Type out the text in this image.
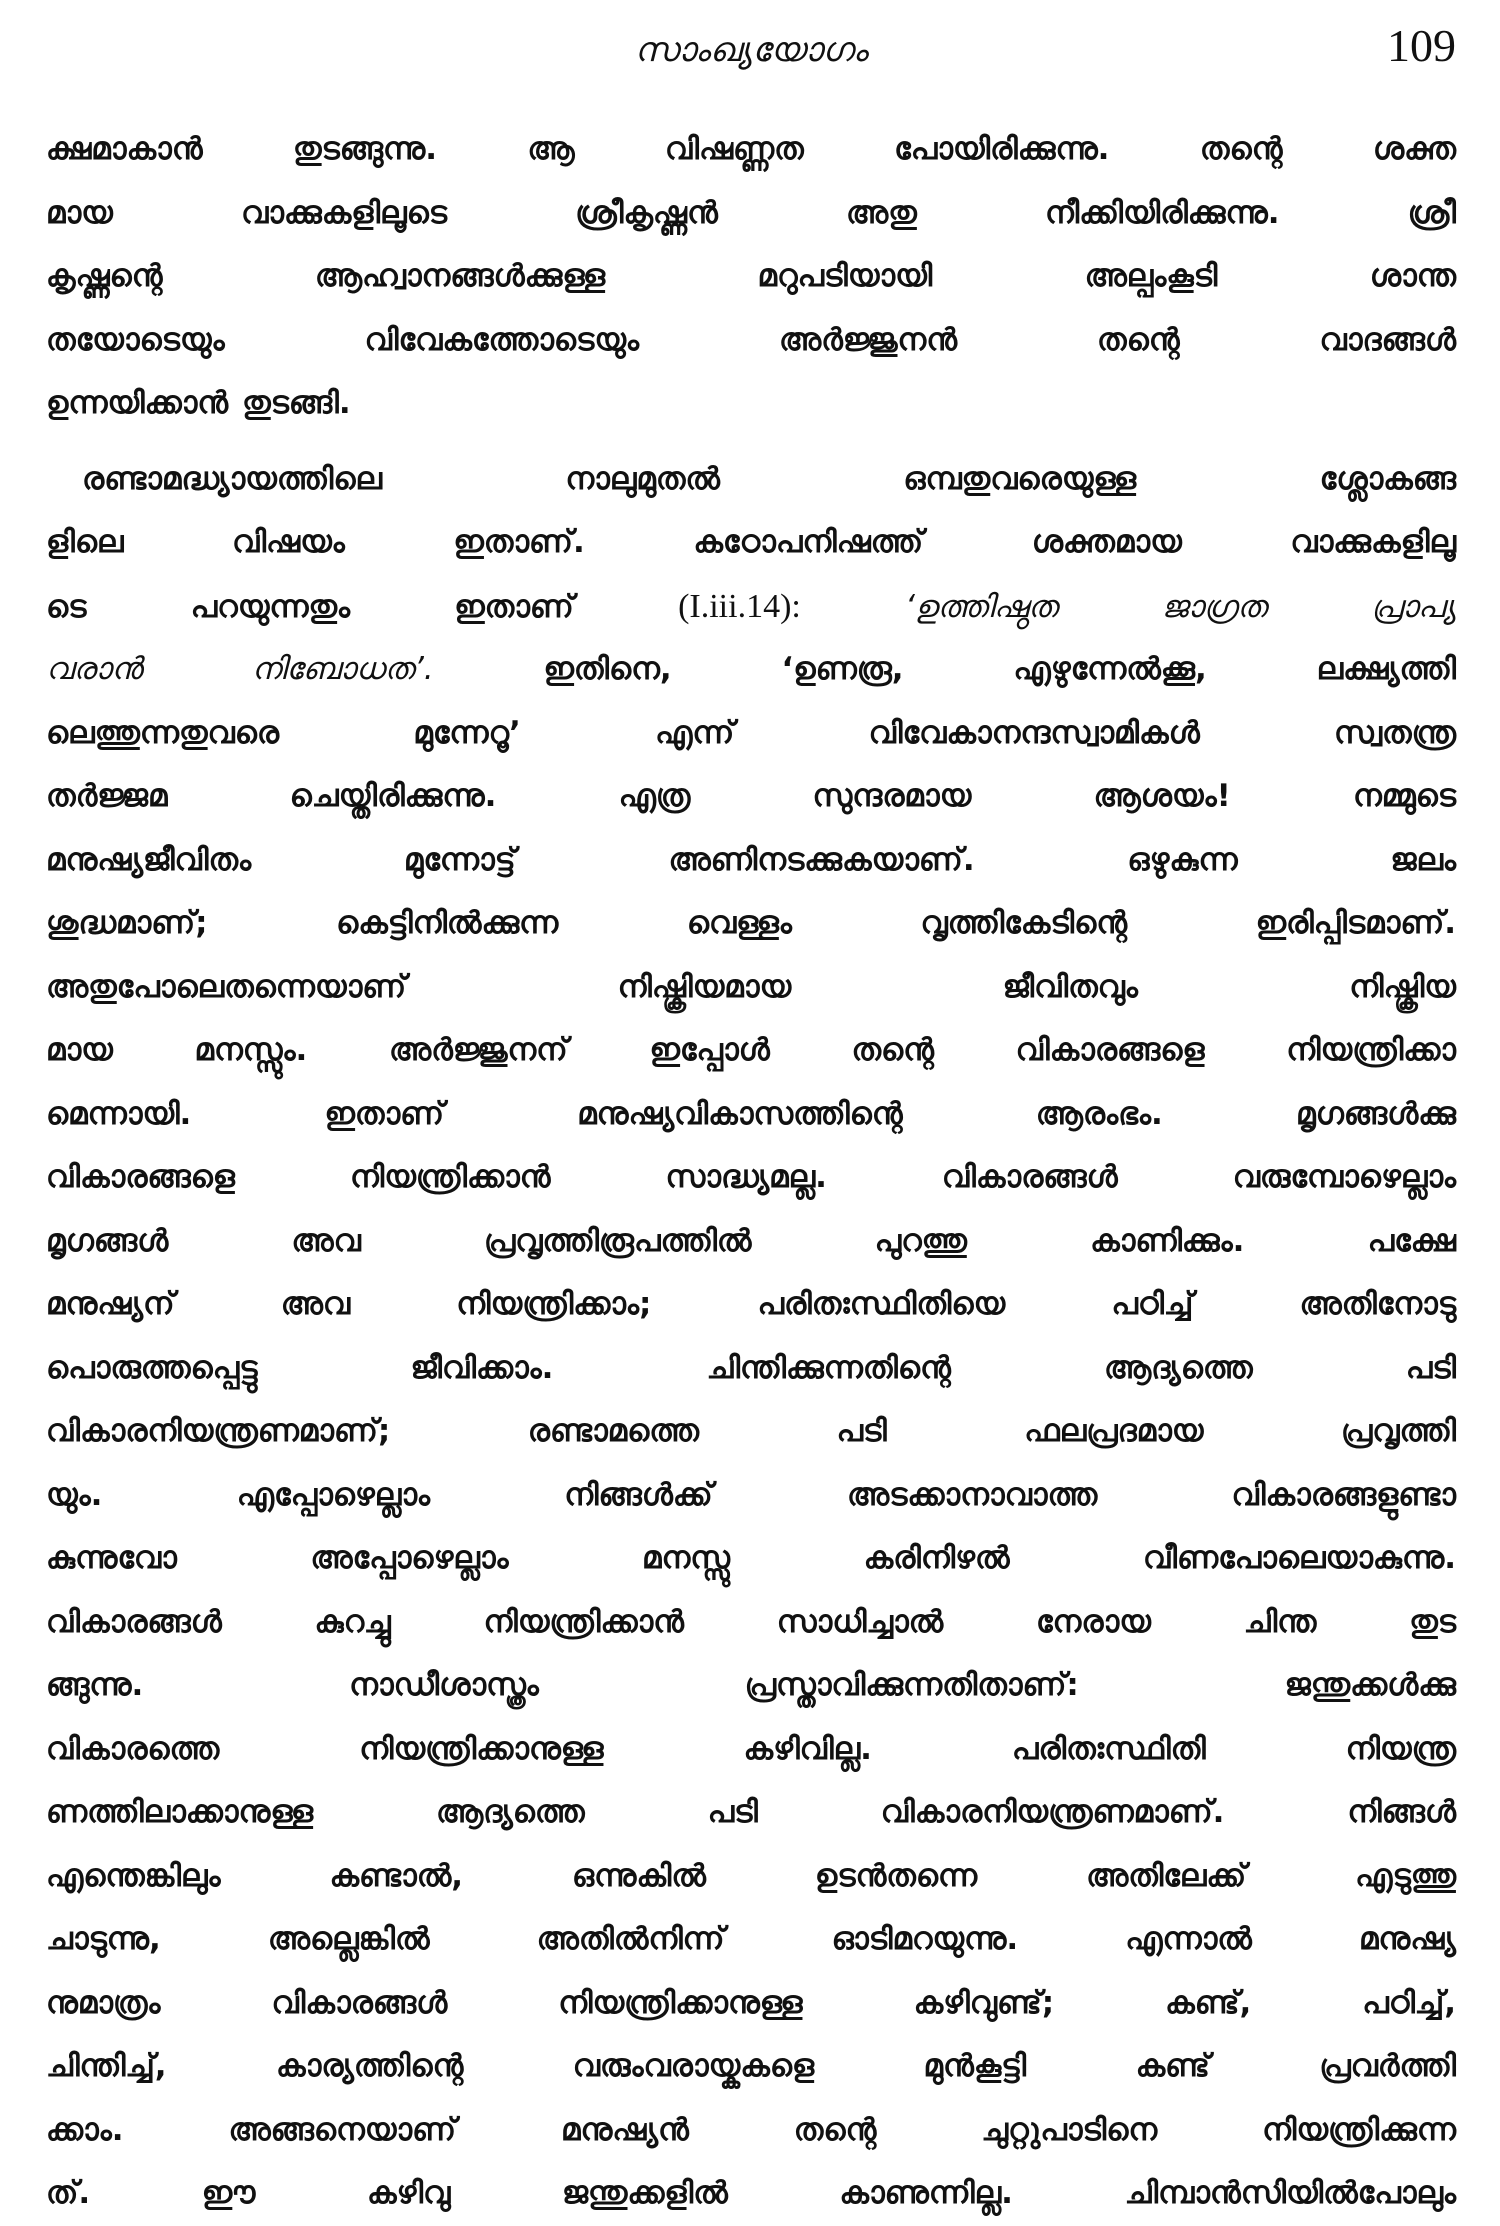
സാംഖ്യയോഗം	109
ക്ഷമാകാൻ	തുടങ്ങുന്നു.	ആ	വിഷണ്ണത	പോയിരിക്കുന്നു.	തന്റെ	ശക്ത
മായ	വാക്കുകളിലൂടെ	ശ്രീകൃഷ്ണൻ	അതു	നീക്കിയിരിക്കുന്നു.	ശ്രീ
കൃഷ്ണന്റെ	ആഹ്വാനങ്ങൾക്കുള്ള	മറുപടിയായി	അല്പംകൂടി	ശാന്ത
തയോടെയും	വിവേകത്തോടെയും	അർജ്ജുനൻ	തന്റെ	വാദങ്ങൾ
ഉന്നയിക്കാൻ തുടങ്ങി.
രണ്ടാമദ്ധ്യായത്തിലെ	നാലുമുതൽ	ഒമ്പതുവരെയുള്ള	ശ്ലോകങ്ങ
ളിലെ	വിഷയം	ഇതാണ്.	കഠോപനിഷത്ത്	ശക്തമായ	വാക്കുകളിലൂ
ടെ	പറയുന്നതും	ഇതാണ്	(I.iii.14):	‘ഉത്തിഷ്ഠത	ജാഗ്രത	പ്രാപ്യ
വരാൻ	നിബോധത’.	ഇതിനെ,	‘ഉണരൂ,	എഴുന്നേൽക്കൂ,	ലക്ഷ്യത്തി
ലെത്തുന്നതുവരെ	മുന്നേറൂ’	എന്ന്	വിവേകാനന്ദസ്വാമികൾ	സ്വതന്ത്ര
തർജ്ജമ	ചെയ്തിരിക്കുന്നു.	എത്ര	സുന്ദരമായ	ആശയം!	നമ്മുടെ
മനുഷ്യജീവിതം	മുന്നോട്ട്	അണിനടക്കുകയാണ്.	ഒഴുകുന്ന	ജലം
ശുദ്ധമാണ്;	കെട്ടിനിൽക്കുന്ന	വെള്ളം	വൃത്തികേടിന്റെ	ഇരിപ്പിടമാണ്.
അതുപോലെതന്നെയാണ്	നിഷ്ക്രിയമായ	ജീവിതവും	നിഷ്ക്രിയ
മായ	മനസ്സും.	അർജ്ജുനന്	ഇപ്പോൾ	തന്റെ	വികാരങ്ങളെ	നിയന്ത്രിക്കാ
മെന്നായി.	ഇതാണ്	മനുഷ്യവികാസത്തിന്റെ	ആരംഭം.	മൃഗങ്ങൾക്കു
വികാരങ്ങളെ	നിയന്ത്രിക്കാൻ	സാദ്ധ്യമല്ല.	വികാരങ്ങൾ	വരുമ്പോഴെല്ലാം
മൃഗങ്ങൾ	അവ	പ്രവൃത്തിരൂപത്തിൽ	പുറത്തു	കാണിക്കും.	പക്ഷേ
മനുഷ്യന്	അവ	നിയന്ത്രിക്കാം;	പരിതഃസ്ഥിതിയെ	പഠിച്ച്	അതിനോടു
പൊരുത്തപ്പെട്ടു	ജീവിക്കാം.	ചിന്തിക്കുന്നതിന്റെ	ആദ്യത്തെ	പടി
വികാരനിയന്ത്രണമാണ്;	രണ്ടാമത്തെ	പടി	ഫലപ്രദമായ	പ്രവൃത്തി
യും.	എപ്പോഴെല്ലാം	നിങ്ങൾക്ക്	അടക്കാനാവാത്ത	വികാരങ്ങളുണ്ടാ
കുന്നുവോ	അപ്പോഴെല്ലാം	മനസ്സു	കരിനിഴൽ	വീണപോലെയാകുന്നു.
വികാരങ്ങൾ	കുറച്ചു	നിയന്ത്രിക്കാൻ	സാധിച്ചാൽ	നേരായ	ചിന്ത	തുട
ങ്ങുന്നു.	നാഡീശാസ്ത്രം	പ്രസ്താവിക്കുന്നതിതാണ്:	ജന്തുക്കൾക്കു
വികാരത്തെ	നിയന്ത്രിക്കാനുള്ള	കഴിവില്ല.	പരിതഃസ്ഥിതി	നിയന്ത്ര
ണത്തിലാക്കാനുള്ള	ആദ്യത്തെ	പടി	വികാരനിയന്ത്രണമാണ്.	നിങ്ങൾ
എന്തെങ്കിലും	കണ്ടാൽ,	ഒന്നുകിൽ	ഉടൻതന്നെ	അതിലേക്ക്	എടുത്തു
ചാടുന്നു,	അല്ലെങ്കിൽ	അതിൽനിന്ന്	ഓടിമറയുന്നു.	എന്നാൽ	മനുഷ്യ
നുമാത്രം	വികാരങ്ങൾ	നിയന്ത്രിക്കാനുള്ള	കഴിവുണ്ട്;	കണ്ട്,	പഠിച്ച്,
ചിന്തിച്ച്,	കാര്യത്തിന്റെ	വരുംവരായ്കകളെ	മുൻകൂട്ടി	കണ്ട്	പ്രവർത്തി
ക്കാം.	അങ്ങനെയാണ്	മനുഷ്യൻ	തന്റെ	ചുറ്റുപാടിനെ	നിയന്ത്രിക്കുന്ന
ത്.	ഈ	കഴിവു	ജന്തുക്കളിൽ	കാണുന്നില്ല.	ചിമ്പാൻസിയിൽപോലും
